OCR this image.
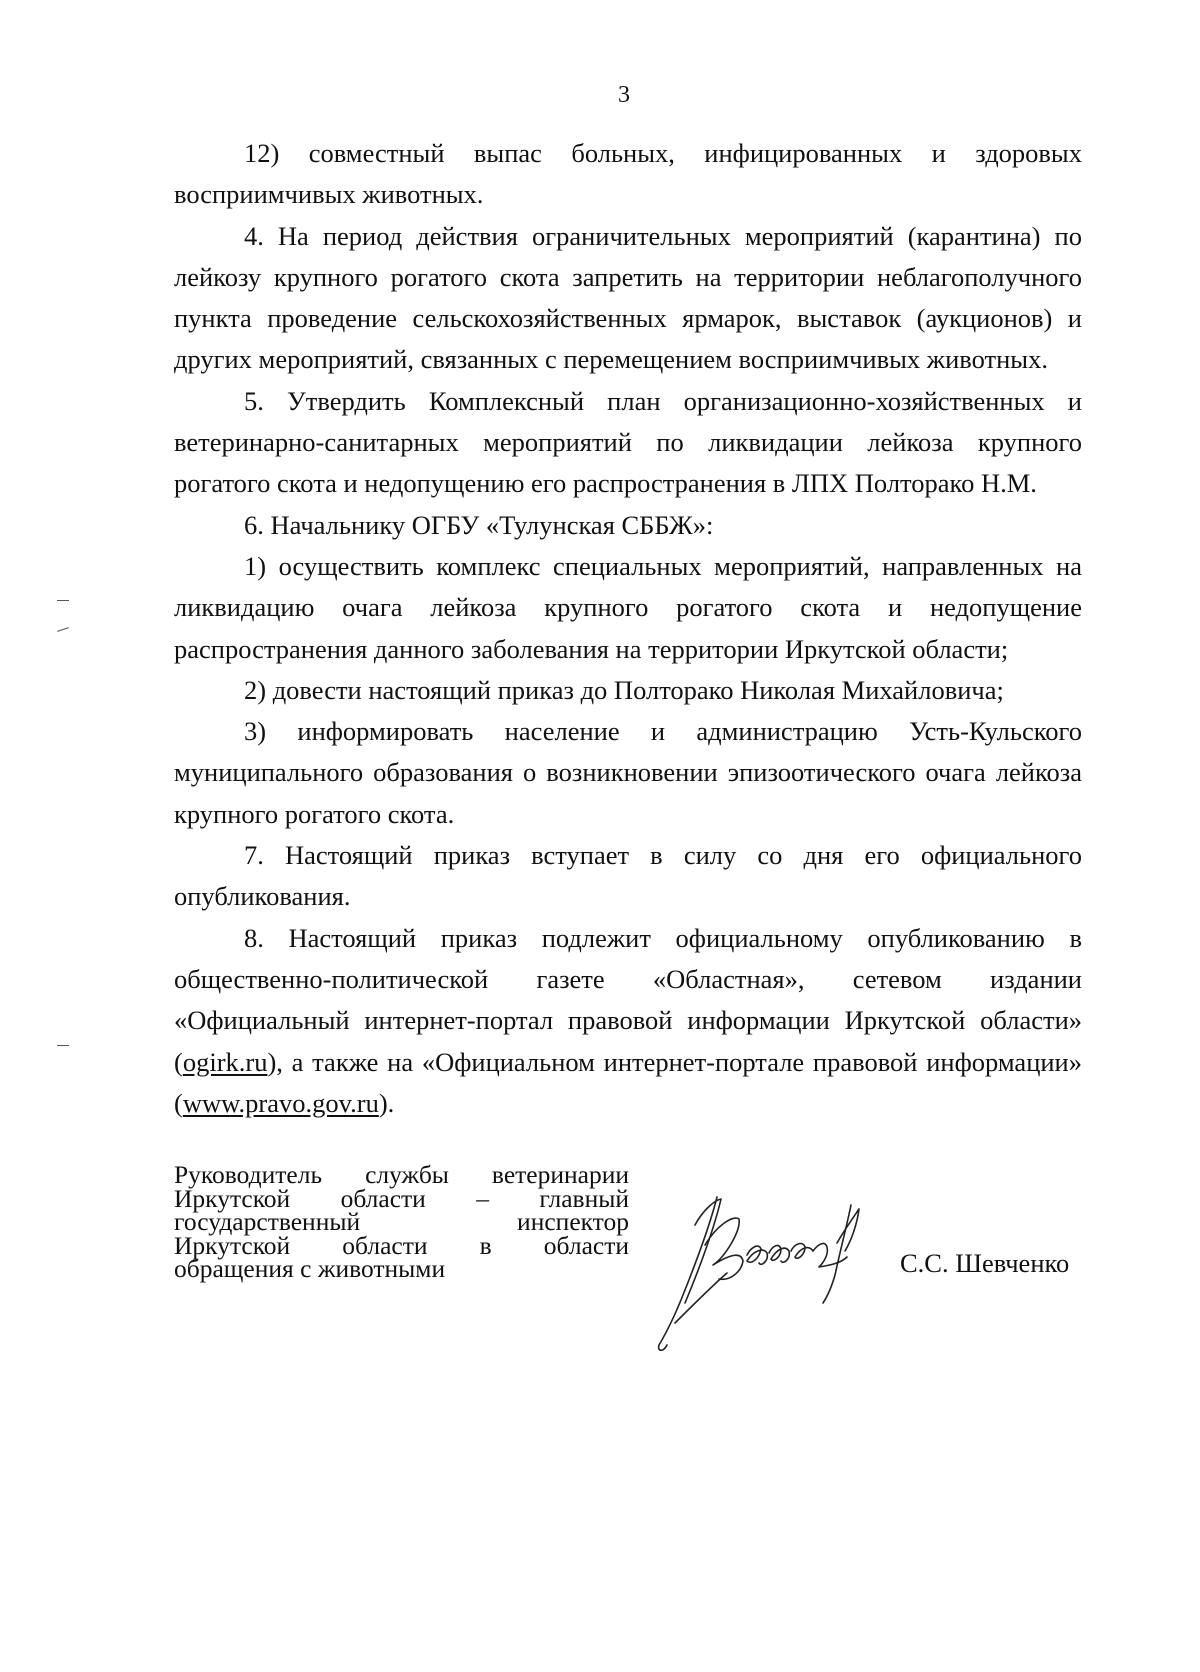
3

12) совместный выпас больных, инфицированных и здоровых восприимчивых животных.

4. На период действия ограничительных мероприятий (карантина) по лейкозу крупного рогатого скота запретить на территории неблагополучного пункта проведение сельскохозяйственных ярмарок, выставок (аукционов) и других мероприятий, связанных с перемещением восприимчивых животных.

5. Утвердить Комплексный план организационно-хозяйственных и ветеринарно-санитарных мероприятий по ликвидации лейкоза крупного рогатого скота и недопущению его распространения в ЛПХ Полторако Н.М.

6. Начальнику ОГБУ «Тулунская СББЖ»:

1) осуществить комплекс специальных мероприятий, направленных на ликвидацию очага лейкоза крупного рогатого скота и недопущение распространения данного заболевания на территории Иркутской области;

2) довести настоящий приказ до Полторако Николая Михайловича;

3) информировать население и администрацию Усть-Кульского муниципального образования о возникновении эпизоотического очага лейкоза крупного рогатого скота.

7. Настоящий приказ вступает в силу со дня его официального опубликования.

8. Настоящий приказ подлежит официальному опубликованию в общественно-политической газете «Областная», сетевом издании «Официальный интернет-портал правовой информации Иркутской области» (ogirk.ru), а также на «Официальном интернет-портале правовой информации» (www.pravo.gov.ru).

Руководитель службы ветеринарии
Иркутской области – главный
государственный инспектор
Иркутской области в области
обращения с животными	С.С. Шевченко
